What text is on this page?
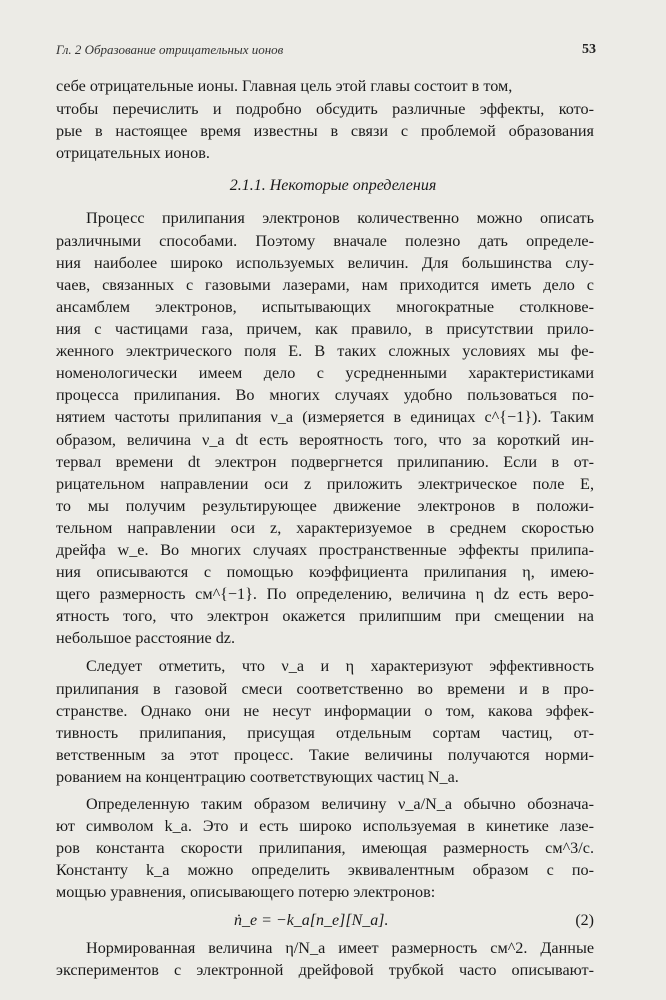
Гл. 2 Образование отрицательных ионов	53
себе отрицательные ионы. Главная цель этой главы состоит в том,
чтобы перечислить и подробно обсудить различные эффекты, кото-
рые в настоящее время известны в связи с проблемой образования
отрицательных ионов.
2.1.1. Некоторые определения
Процесс прилипания электронов количественно можно описать
различными способами. Поэтому вначале полезно дать определе-
ния наиболее широко используемых величин. Для большинства слу-
чаев, связанных с газовыми лазерами, нам приходится иметь дело с
ансамблем электронов, испытывающих многократные столкнове-
ния с частицами газа, причем, как правило, в присутствии прило-
женного электрического поля E. В таких сложных условиях мы фе-
номенологически имеем дело с усредненными характеристиками
процесса прилипания. Во многих случаях удобно пользоваться по-
нятием частоты прилипания ν_a (измеряется в единицах с^{−1}). Таким
образом, величина ν_a dt есть вероятность того, что за короткий ин-
тервал времени dt электрон подвергнется прилипанию. Если в от-
рицательном направлении оси z приложить электрическое поле E,
то мы получим результирующее движение электронов в положи-
тельном направлении оси z, характеризуемое в среднем скоростью
дрейфа w_e. Во многих случаях пространственные эффекты прилипа-
ния описываются с помощью коэффициента прилипания η, имею-
щего размерность см^{−1}. По определению, величина η dz есть веро-
ятность того, что электрон окажется прилипшим при смещении на
небольшое расстояние dz.
Следует отметить, что ν_a и η характеризуют эффективность
прилипания в газовой смеси соответственно во времени и в про-
странстве. Однако они не несут информации о том, какова эффек-
тивность прилипания, присущая отдельным сортам частиц, от-
ветственным за этот процесс. Такие величины получаются норми-
рованием на концентрацию соответствующих частиц N_a.
Определенную таким образом величину ν_a/N_a обычно обознача-
ют символом k_a. Это и есть широко используемая в кинетике лазе-
ров константа скорости прилипания, имеющая размерность см^3/с.
Константу k_a можно определить эквивалентным образом с по-
мощью уравнения, описывающего потерю электронов:
Нормированная величина η/N_a имеет размерность см^2. Данные
экспериментов с электронной дрейфовой трубкой часто описывают-
ṅ_e = −k_a[n_e][N_a].	(2)
